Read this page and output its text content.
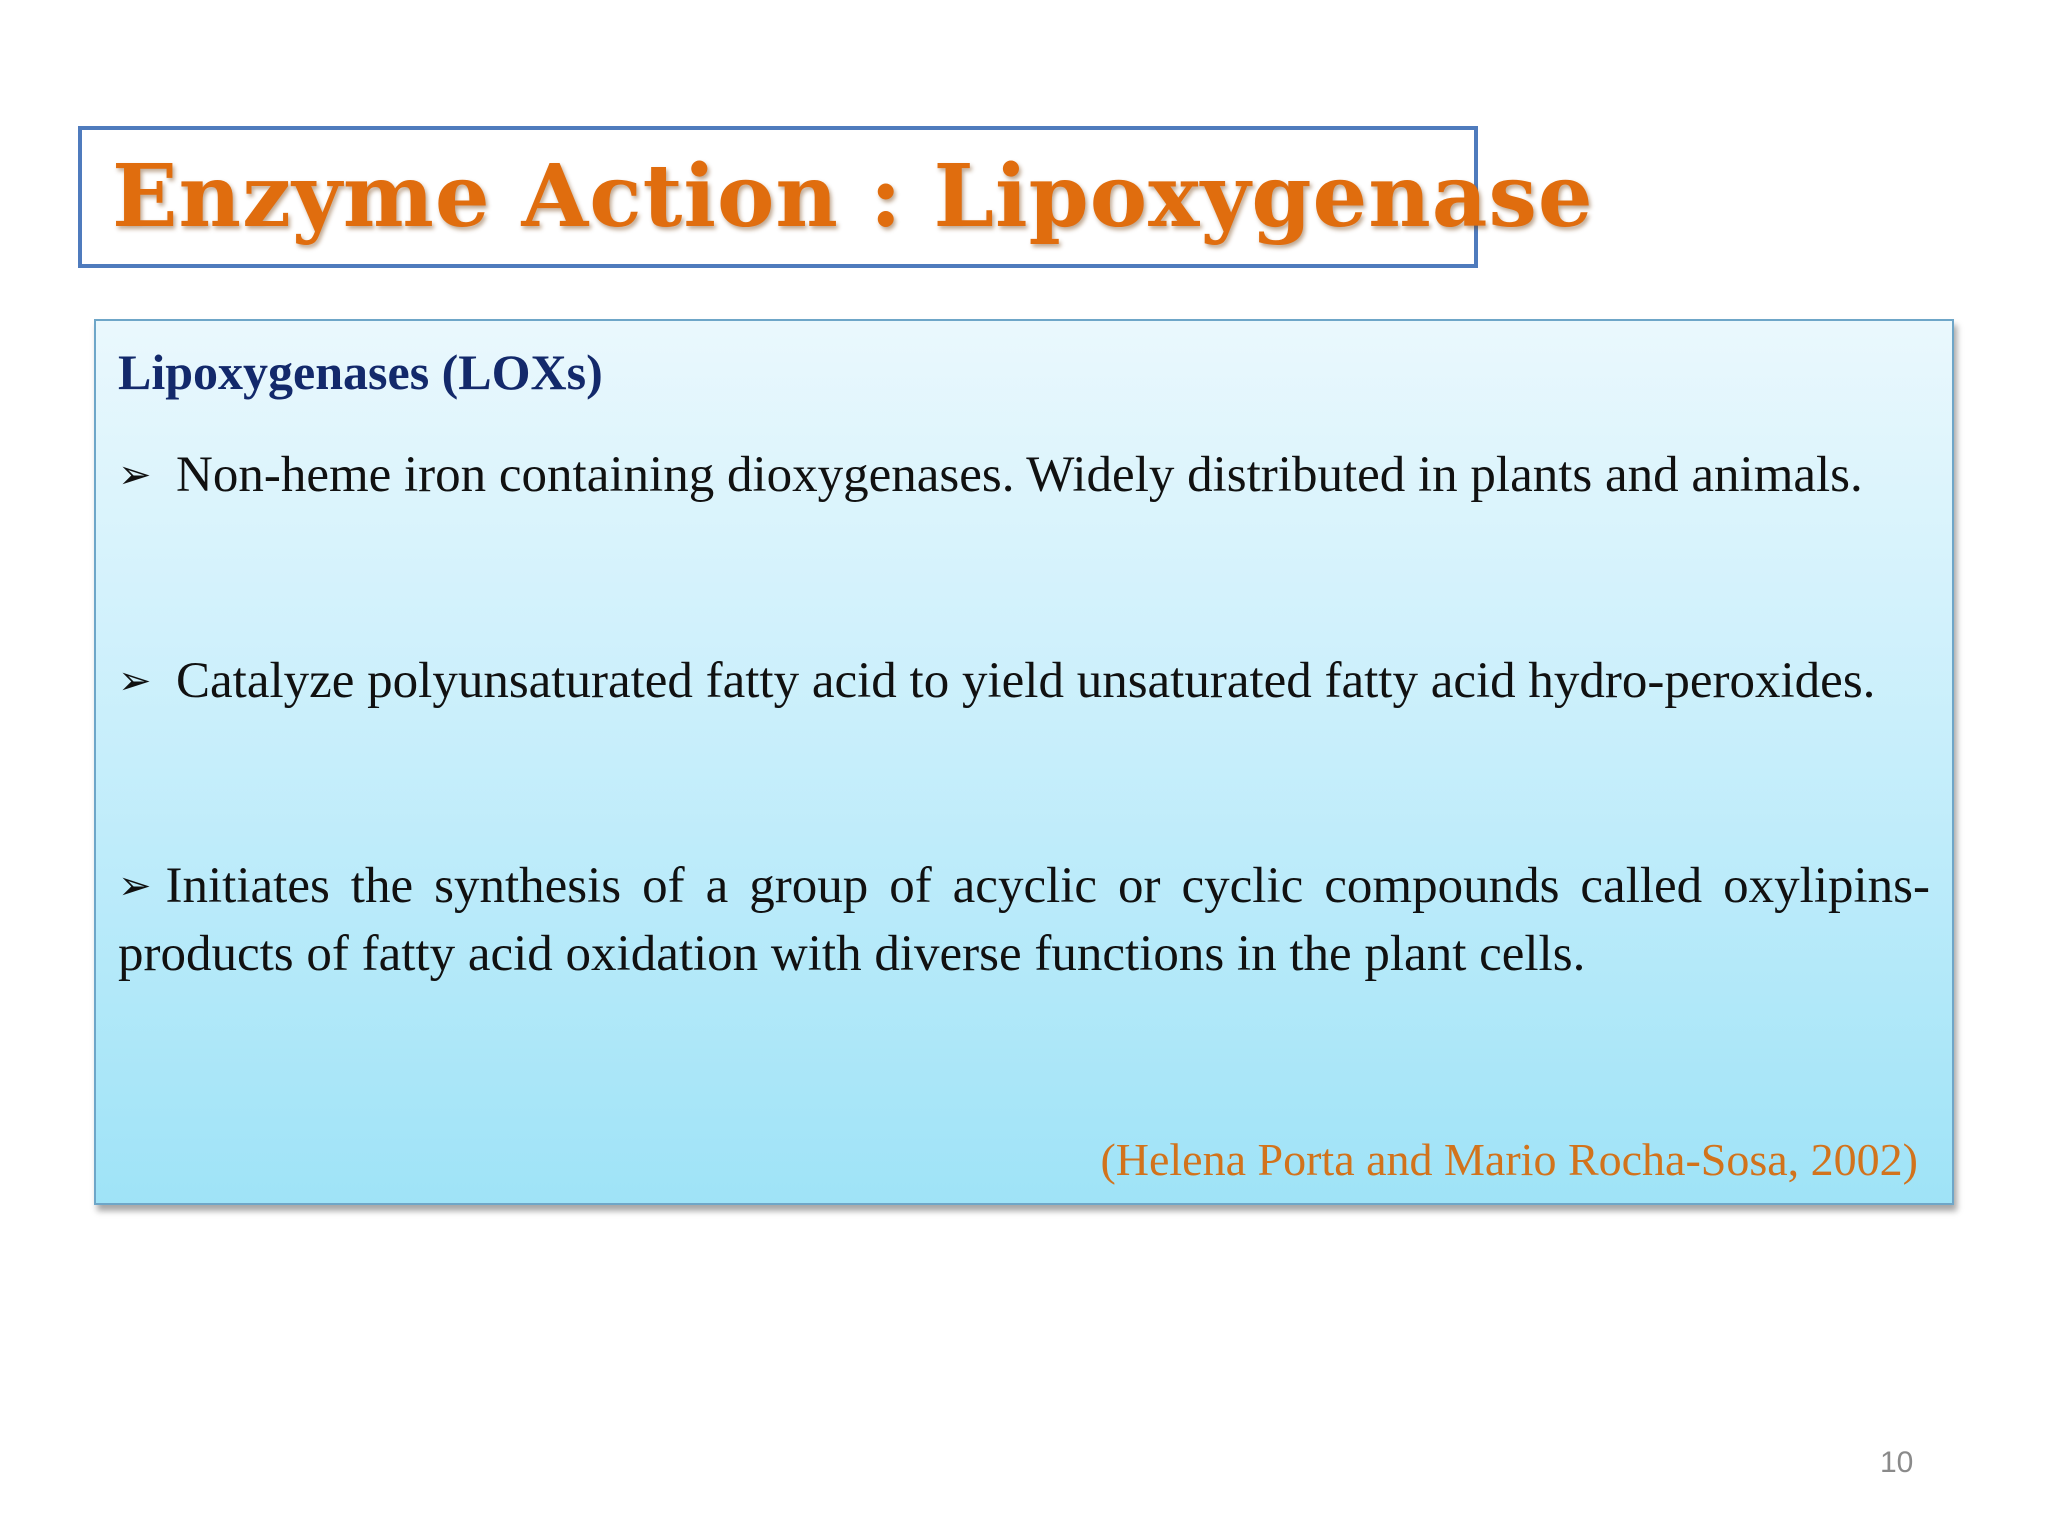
Enzyme Action : Lipoxygenase
Lipoxygenases (LOXs)

➢ Non-heme iron containing dioxygenases. Widely distributed in plants and animals.

➢ Catalyze polyunsaturated fatty acid to yield unsaturated fatty acid hydro-peroxides.

➢ Initiates the synthesis of a group of acyclic or cyclic compounds called oxylipins-products of fatty acid oxidation with diverse functions in the plant cells.

(Helena Porta and Mario Rocha-Sosa, 2002)
10
